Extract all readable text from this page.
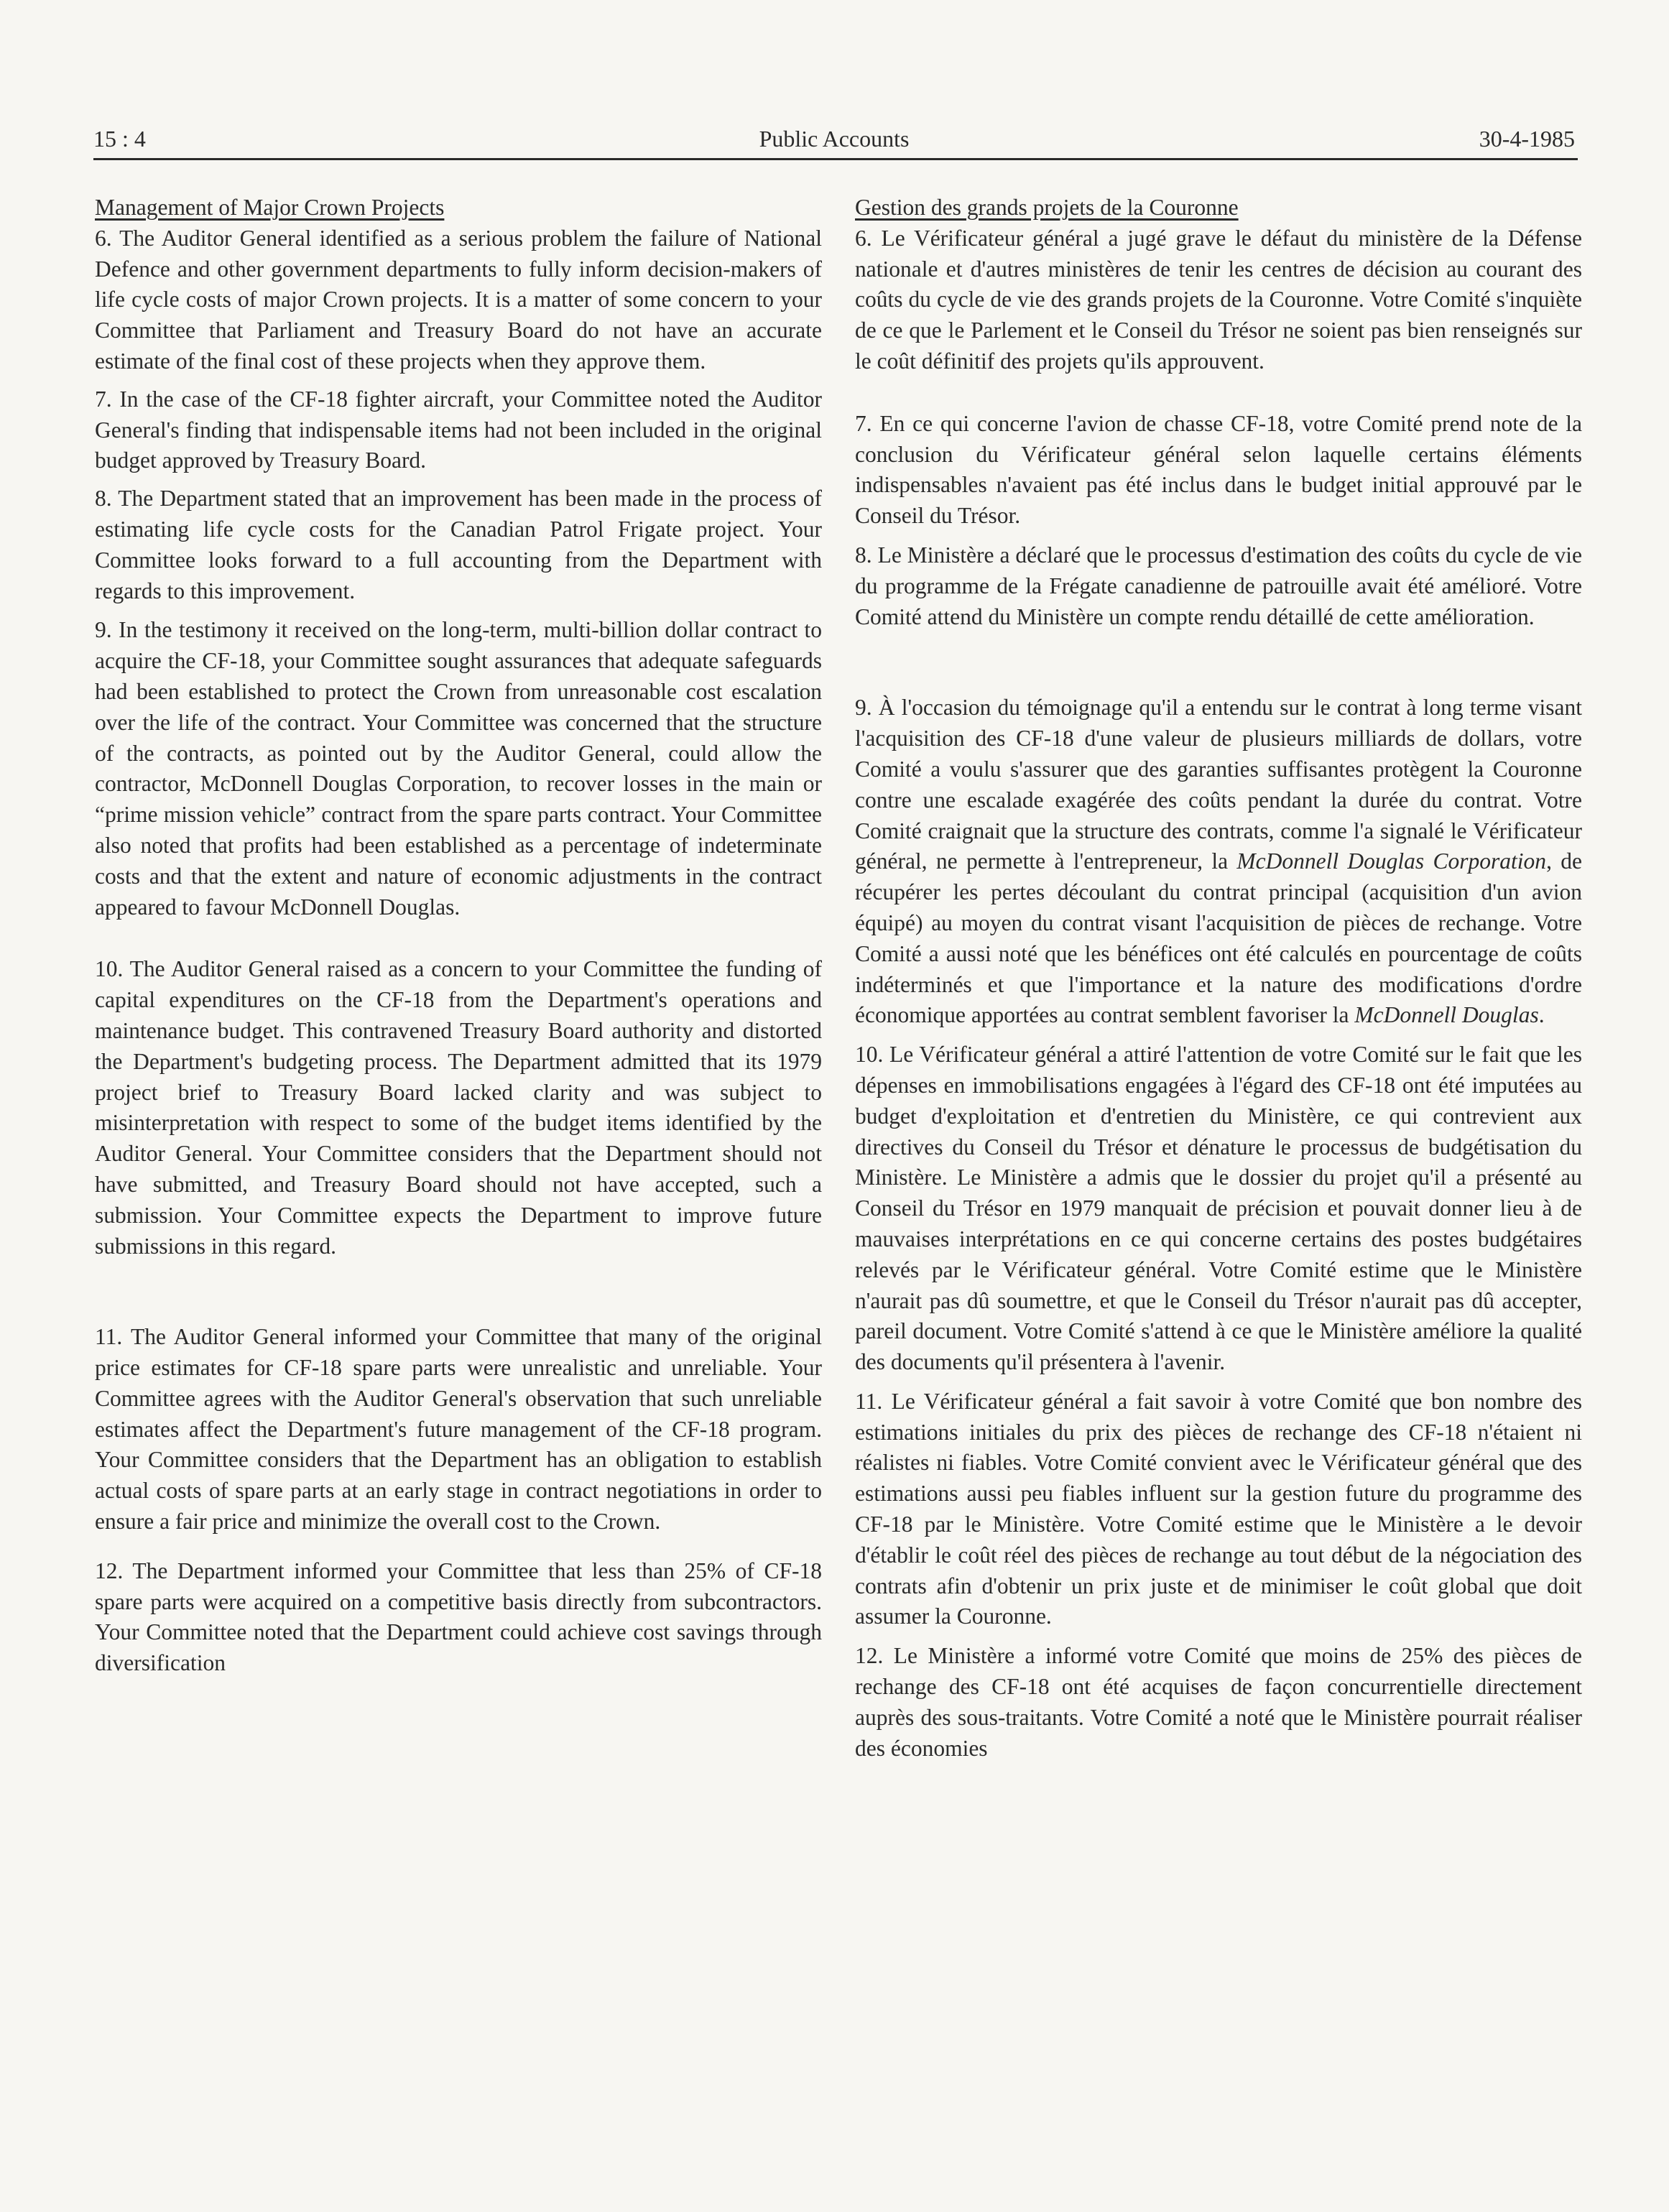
15 : 4	Public Accounts	30-4-1985
Management of Major Crown Projects

6. The Auditor General identified as a serious problem the failure of National Defence and other government departments to fully inform decision-makers of life cycle costs of major Crown projects. It is a matter of some concern to your Committee that Parliament and Treasury Board do not have an accurate estimate of the final cost of these projects when they approve them.

7. In the case of the CF-18 fighter aircraft, your Committee noted the Auditor General's finding that indispensable items had not been included in the original budget approved by Treasury Board.

8. The Department stated that an improvement has been made in the process of estimating life cycle costs for the Canadian Patrol Frigate project. Your Committee looks forward to a full accounting from the Department with regards to this improvement.

9. In the testimony it received on the long-term, multi-billion dollar contract to acquire the CF-18, your Committee sought assurances that adequate safeguards had been established to protect the Crown from unreasonable cost escalation over the life of the contract. Your Committee was concerned that the structure of the contracts, as pointed out by the Auditor General, could allow the contractor, McDonnell Douglas Corporation, to recover losses in the main or “prime mission vehicle” contract from the spare parts contract. Your Committee also noted that profits had been established as a percentage of indeterminate costs and that the extent and nature of economic adjustments in the contract appeared to favour McDonnell Douglas.

10. The Auditor General raised as a concern to your Committee the funding of capital expenditures on the CF-18 from the Department's operations and maintenance budget. This contravened Treasury Board authority and distorted the Department's budgeting process. The Department admitted that its 1979 project brief to Treasury Board lacked clarity and was subject to misinterpretation with respect to some of the budget items identified by the Auditor General. Your Committee considers that the Department should not have submitted, and Treasury Board should not have accepted, such a submission. Your Committee expects the Department to improve future submissions in this regard.

11. The Auditor General informed your Committee that many of the original price estimates for CF-18 spare parts were unrealistic and unreliable. Your Committee agrees with the Auditor General's observation that such unreliable estimates affect the Department's future management of the CF-18 program. Your Committee considers that the Department has an obligation to establish actual costs of spare parts at an early stage in contract negotiations in order to ensure a fair price and minimize the overall cost to the Crown.

12. The Department informed your Committee that less than 25% of CF-18 spare parts were acquired on a competitive basis directly from subcontractors. Your Committee noted that the Department could achieve cost savings through diversification

Gestion des grands projets de la Couronne

6. Le Vérificateur général a jugé grave le défaut du ministère de la Défense nationale et d'autres ministères de tenir les centres de décision au courant des coûts du cycle de vie des grands projets de la Couronne. Votre Comité s'inquiète de ce que le Parlement et le Conseil du Trésor ne soient pas bien renseignés sur le coût définitif des projets qu'ils approuvent.

7. En ce qui concerne l'avion de chasse CF-18, votre Comité prend note de la conclusion du Vérificateur général selon laquelle certains éléments indispensables n'avaient pas été inclus dans le budget initial approuvé par le Conseil du Trésor.

8. Le Ministère a déclaré que le processus d'estimation des coûts du cycle de vie du programme de la Frégate canadienne de patrouille avait été amélioré. Votre Comité attend du Ministère un compte rendu détaillé de cette amélioration.

9. À l'occasion du témoignage qu'il a entendu sur le contrat à long terme visant l'acquisition des CF-18 d'une valeur de plusieurs milliards de dollars, votre Comité a voulu s'assurer que des garanties suffisantes protègent la Couronne contre une escalade exagérée des coûts pendant la durée du contrat. Votre Comité craignait que la structure des contrats, comme l'a signalé le Vérificateur général, ne permette à l'entrepreneur, la McDonnell Douglas Corporation, de récupérer les pertes découlant du contrat principal (acquisition d'un avion équipé) au moyen du contrat visant l'acquisition de pièces de rechange. Votre Comité a aussi noté que les bénéfices ont été calculés en pourcentage de coûts indéterminés et que l'importance et la nature des modifications d'ordre économique apportées au contrat semblent favoriser la McDonnell Douglas.

10. Le Vérificateur général a attiré l'attention de votre Comité sur le fait que les dépenses en immobilisations engagées à l'égard des CF-18 ont été imputées au budget d'exploitation et d'entretien du Ministère, ce qui contrevient aux directives du Conseil du Trésor et dénature le processus de budgétisation du Ministère. Le Ministère a admis que le dossier du projet qu'il a présenté au Conseil du Trésor en 1979 manquait de précision et pouvait donner lieu à de mauvaises interprétations en ce qui concerne certains des postes budgétaires relevés par le Vérificateur général. Votre Comité estime que le Ministère n'aurait pas dû soumettre, et que le Conseil du Trésor n'aurait pas dû accepter, pareil document. Votre Comité s'attend à ce que le Ministère améliore la qualité des documents qu'il présentera à l'avenir.

11. Le Vérificateur général a fait savoir à votre Comité que bon nombre des estimations initiales du prix des pièces de rechange des CF-18 n'étaient ni réalistes ni fiables. Votre Comité convient avec le Vérificateur général que des estimations aussi peu fiables influent sur la gestion future du programme des CF-18 par le Ministère. Votre Comité estime que le Ministère a le devoir d'établir le coût réel des pièces de rechange au tout début de la négociation des contrats afin d'obtenir un prix juste et de minimiser le coût global que doit assumer la Couronne.

12. Le Ministère a informé votre Comité que moins de 25% des pièces de rechange des CF-18 ont été acquises de façon concurrentielle directement auprès des sous-traitants. Votre Comité a noté que le Ministère pourrait réaliser des économies
